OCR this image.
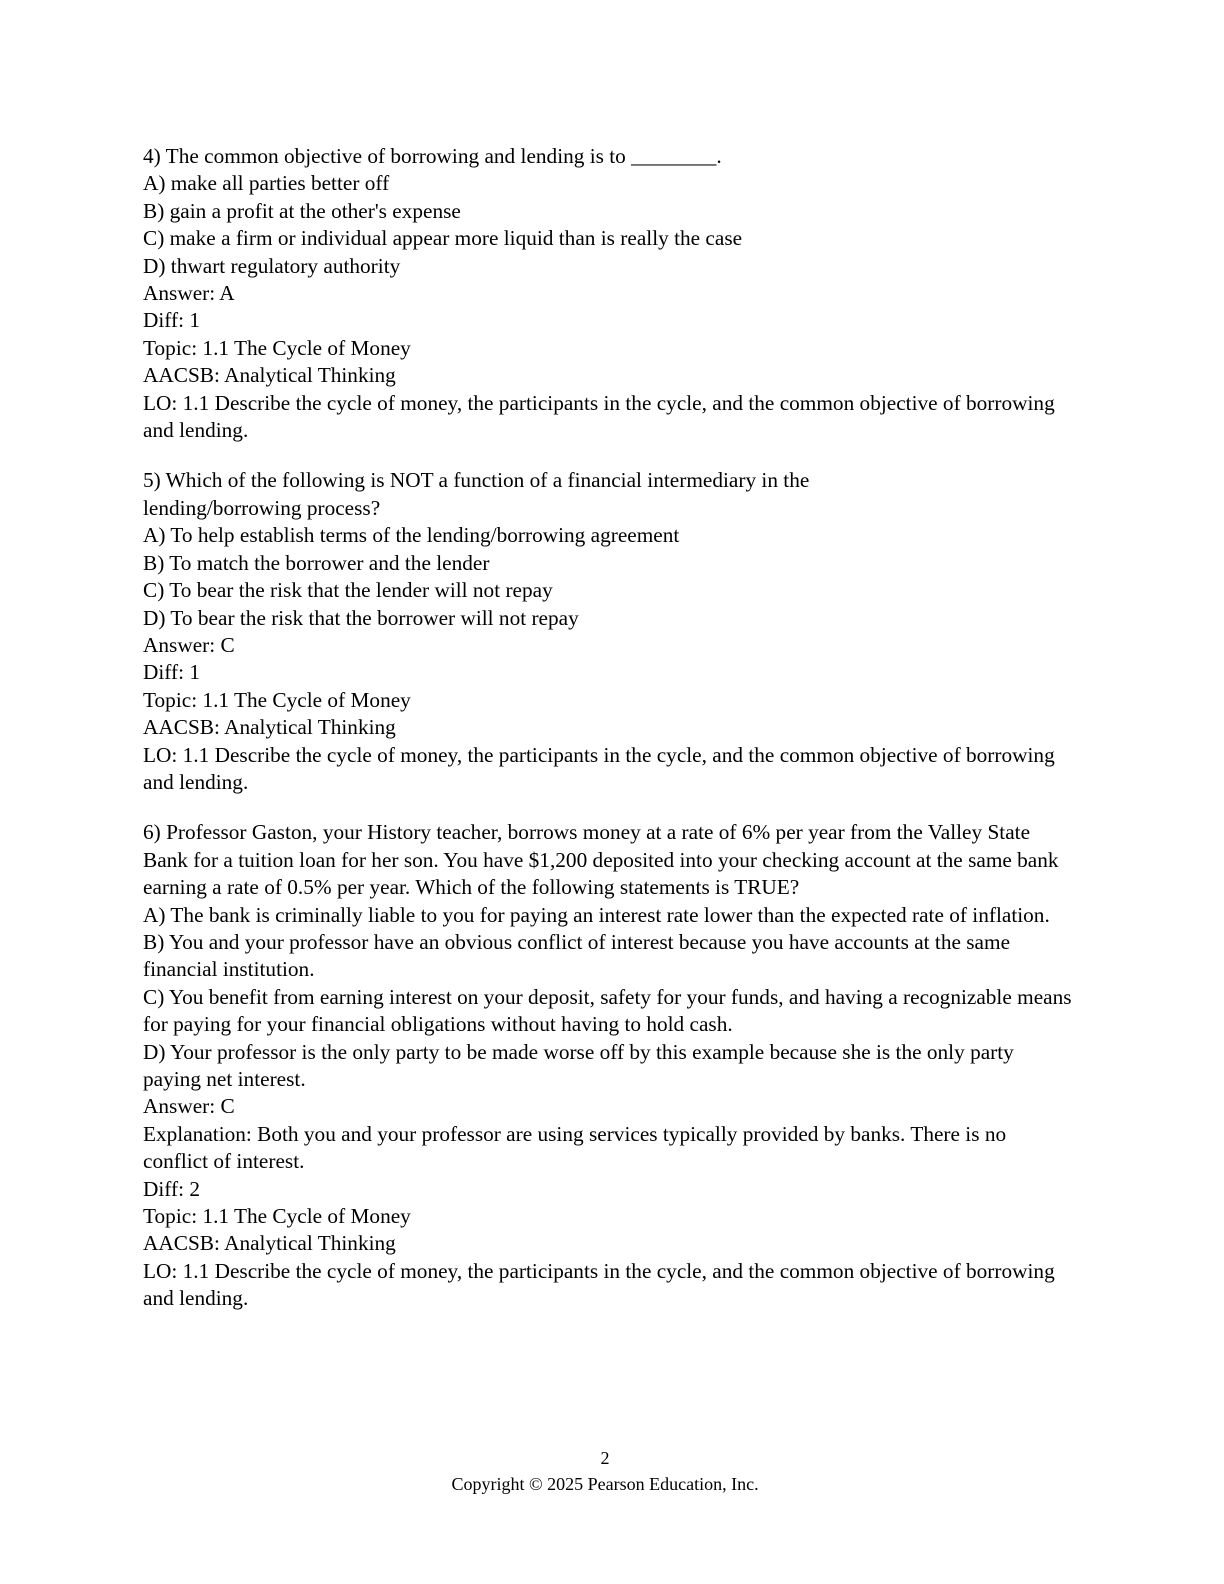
4) The common objective of borrowing and lending is to ________.

A) make all parties better off

B) gain a profit at the other's expense

C) make a firm or individual appear more liquid than is really the case

D) thwart regulatory authority

Answer: A

Diff: 1

Topic: 1.1 The Cycle of Money

AACSB: Analytical Thinking

LO: 1.1 Describe the cycle of money, the participants in the cycle, and the common objective of borrowing and lending.

5) Which of the following is NOT a function of a financial intermediary in the lending/borrowing process?

A) To help establish terms of the lending/borrowing agreement

B) To match the borrower and the lender

C) To bear the risk that the lender will not repay

D) To bear the risk that the borrower will not repay

Answer: C

Diff: 1

Topic: 1.1 The Cycle of Money

AACSB: Analytical Thinking

LO: 1.1 Describe the cycle of money, the participants in the cycle, and the common objective of borrowing and lending.

6) Professor Gaston, your History teacher, borrows money at a rate of 6% per year from the Valley State Bank for a tuition loan for her son. You have $1,200 deposited into your checking account at the same bank earning a rate of 0.5% per year. Which of the following statements is TRUE?

A) The bank is criminally liable to you for paying an interest rate lower than the expected rate of inflation.

B) You and your professor have an obvious conflict of interest because you have accounts at the same financial institution.

C) You benefit from earning interest on your deposit, safety for your funds, and having a recognizable means for paying for your financial obligations without having to hold cash.

D) Your professor is the only party to be made worse off by this example because she is the only party paying net interest.

Answer: C

Explanation: Both you and your professor are using services typically provided by banks. There is no conflict of interest.

Diff: 2

Topic: 1.1 The Cycle of Money

AACSB: Analytical Thinking

LO: 1.1 Describe the cycle of money, the participants in the cycle, and the common objective of borrowing and lending.

2
Copyright © 2025 Pearson Education, Inc.
